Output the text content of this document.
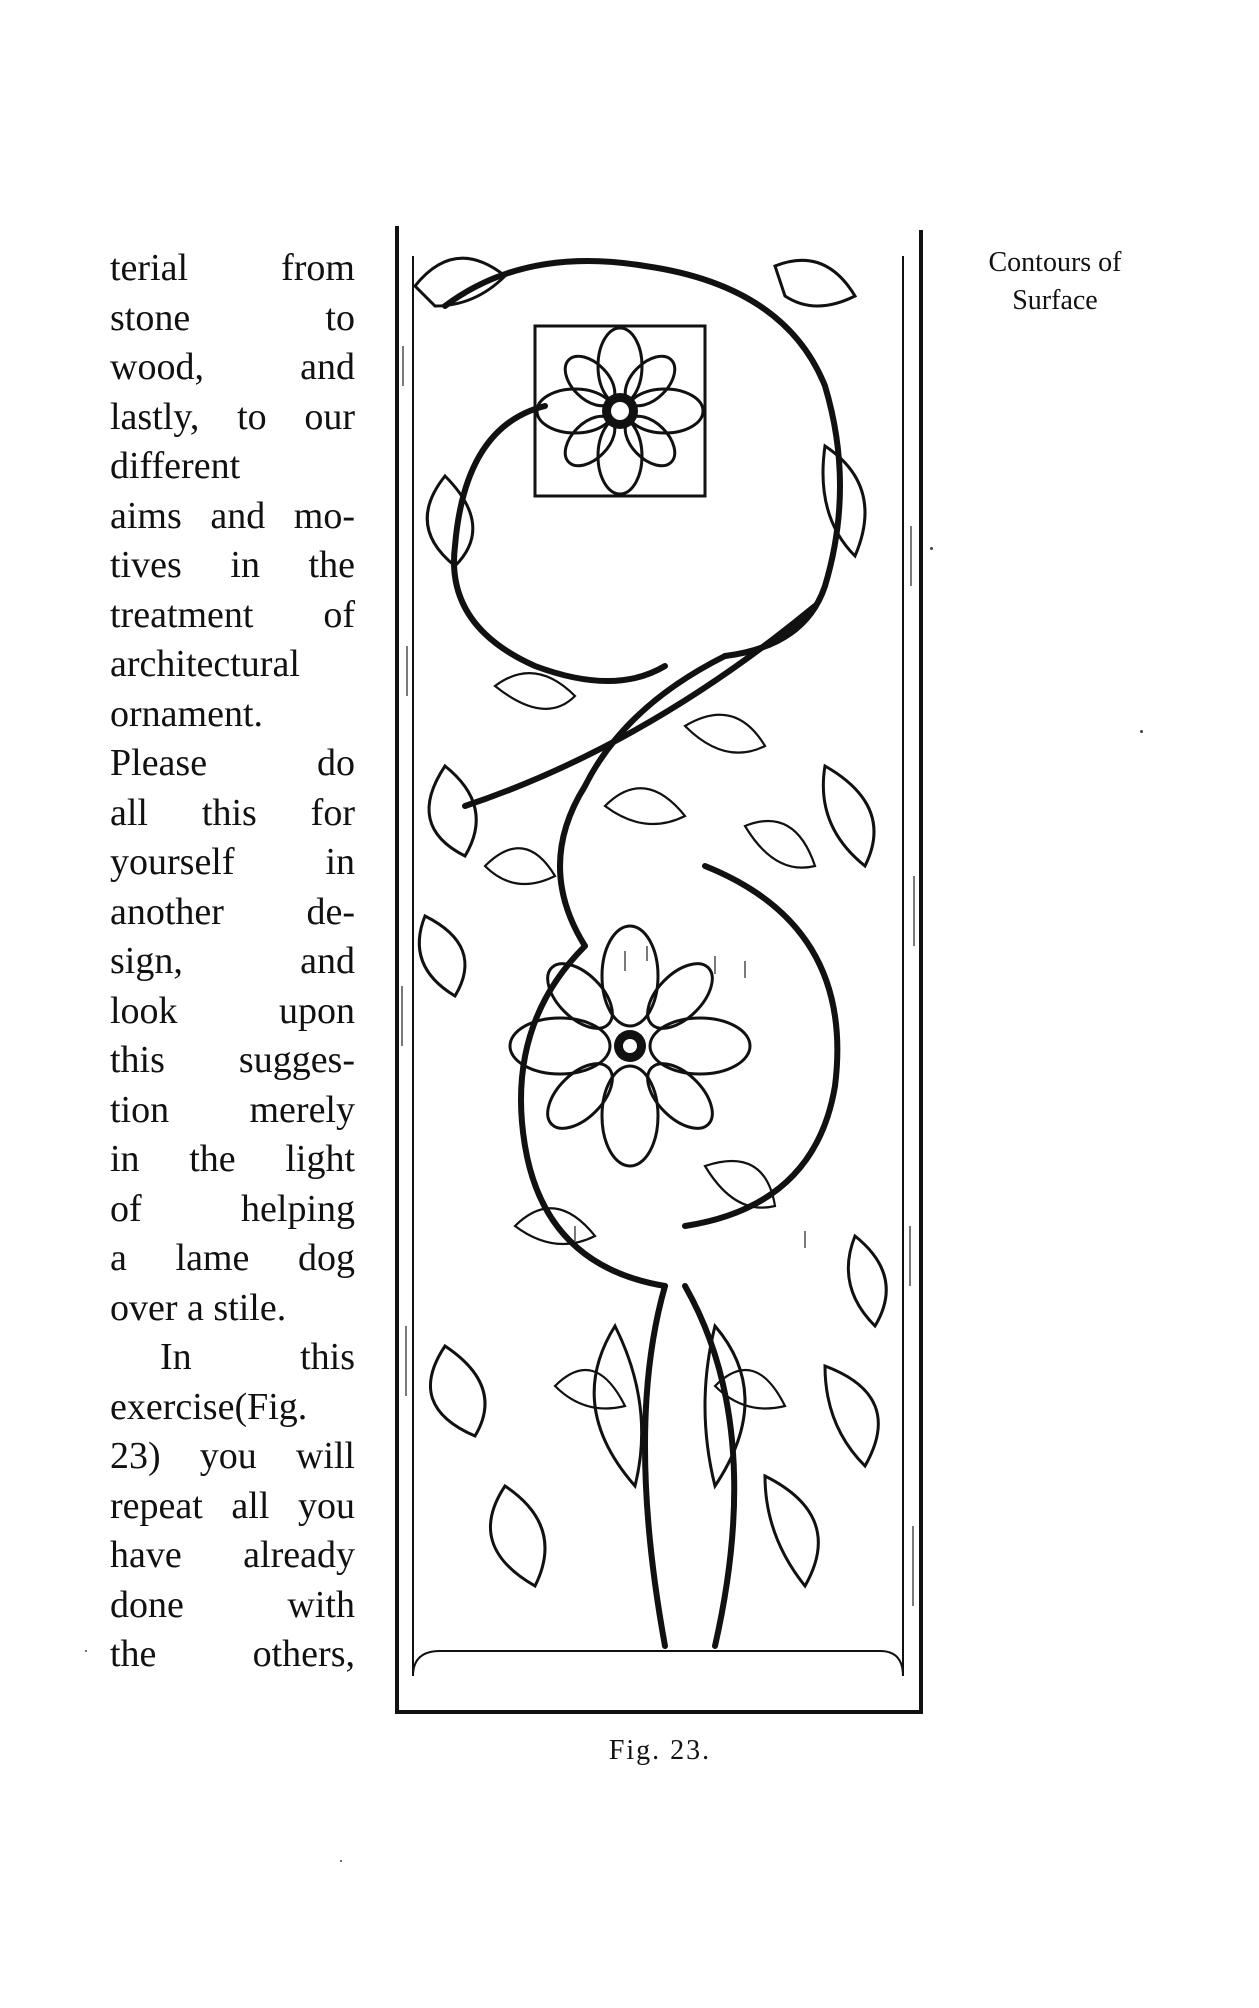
terial from
stone to
wood, and
lastly, to our
different
aims and mo-
tives in the
treatment of
architectural
ornament.
Please do
all this for
yourself in
another de-
sign, and
look upon
this sugges-
tion merely
in the light
of helping
a lame dog
over a stile.
In this
exercise(Fig.
23) you will
repeat all you
have already
done with
the others,
Contours of
Surface
Fig. 23.
